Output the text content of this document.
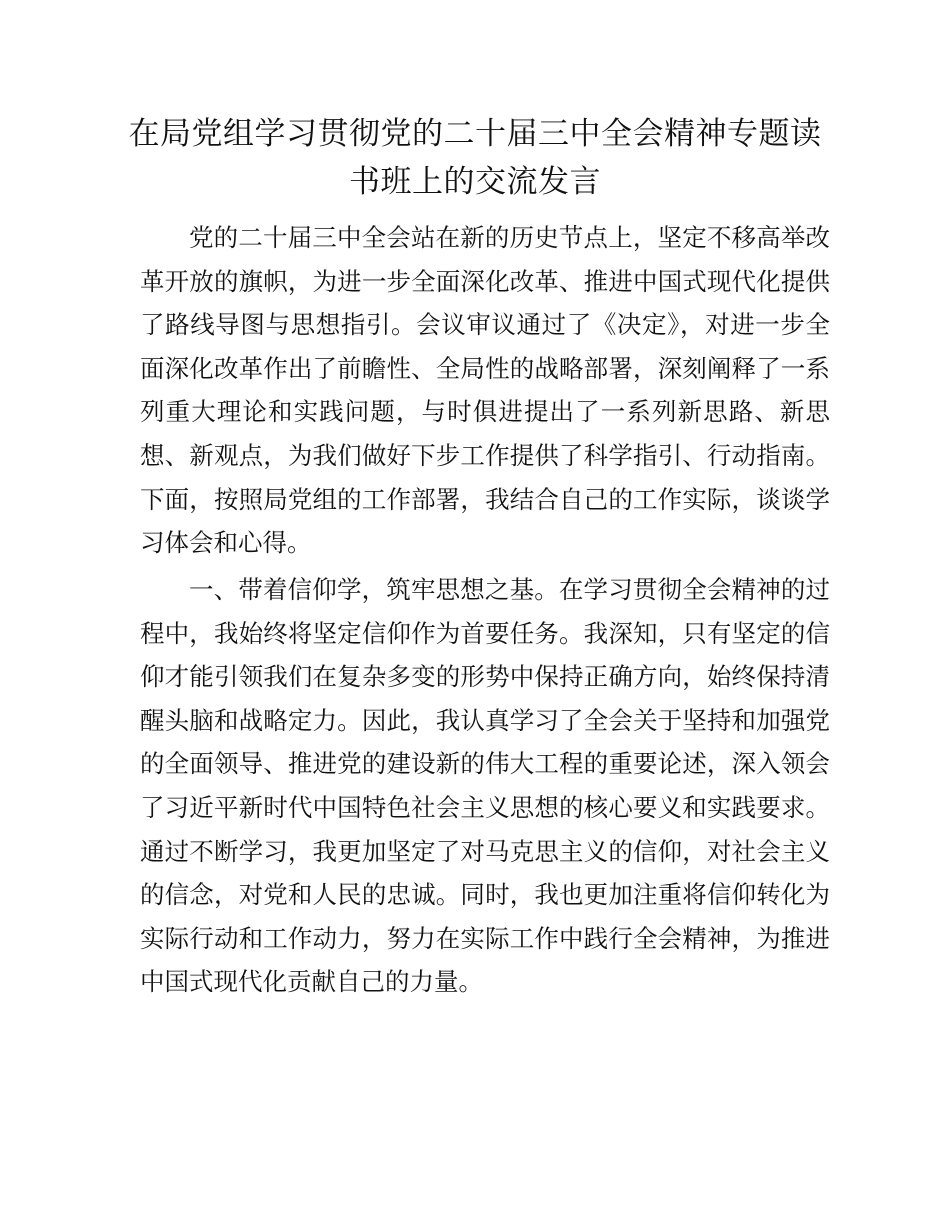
在局党组学习贯彻党的二十届三中全会精神专题读书班上的交流发言

党的二十届三中全会站在新的历史节点上，坚定不移高举改革开放的旗帜，为进一步全面深化改革、推进中国式现代化提供了路线导图与思想指引。会议审议通过了《决定》，对进一步全面深化改革作出了前瞻性、全局性的战略部署，深刻阐释了一系列重大理论和实践问题，与时俱进提出了一系列新思路、新思想、新观点，为我们做好下步工作提供了科学指引、行动指南。下面，按照局党组的工作部署，我结合自己的工作实际，谈谈学习体会和心得。

一、带着信仰学，筑牢思想之基。在学习贯彻全会精神的过程中，我始终将坚定信仰作为首要任务。我深知，只有坚定的信仰才能引领我们在复杂多变的形势中保持正确方向，始终保持清醒头脑和战略定力。因此，我认真学习了全会关于坚持和加强党的全面领导、推进党的建设新的伟大工程的重要论述，深入领会了习近平新时代中国特色社会主义思想的核心要义和实践要求。通过不断学习，我更加坚定了对马克思主义的信仰，对社会主义的信念，对党和人民的忠诚。同时，我也更加注重将信仰转化为实际行动和工作动力，努力在实际工作中践行全会精神，为推进中国式现代化贡献自己的力量。
